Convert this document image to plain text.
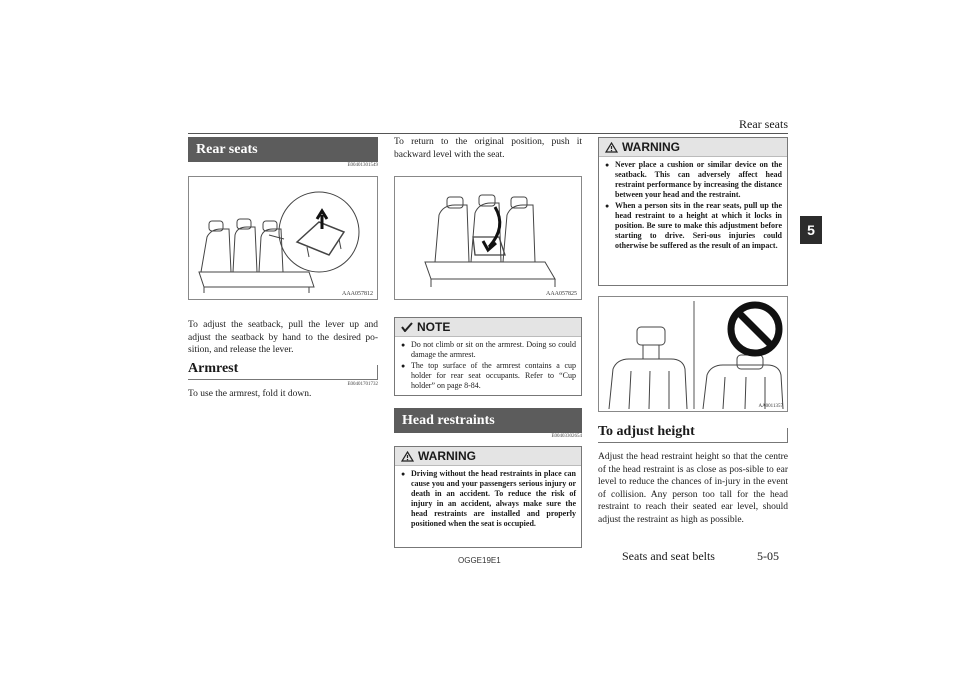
Rear seats
5
Rear seats
E00401301549
AAA057812
To adjust the seatback, pull the lever up and adjust the seatback by hand to the desired po-sition, and release the lever.
Armrest
E00401701732
To use the armrest, fold it down.
To return to the original position, push it backward level with the seat.
AAA057825
NOTE
● Do not climb or sit on the armrest. Doing so could damage the armrest.
● The top surface of the armrest contains a cup holder for rear seat occupants. Refer to “Cup holder” on page 8-84.
Head restraints
E00403302654
WARNING
● Driving without the head restraints in place can cause you and your passengers serious injury or death in an accident. To reduce the risk of injury in an accident, always make sure the head restraints are installed and properly positioned when the seat is occupied.
OGGE19E1
WARNING
● Never place a cushion or similar device on the seatback. This can adversely affect head restraint performance by increasing the distance between your head and the restraint.
● When a person sits in the rear seats, pull up the head restraint to a height at which it locks in position. Be sure to make this adjustment before starting to drive. Seri-ous injuries could otherwise be suffered as the result of an impact.
AA0011357
To adjust height
Adjust the head restraint height so that the centre of the head restraint is as close as pos-sible to ear level to reduce the chances of in-jury in the event of collision. Any person too tall for the head restraint to reach their seated ear level, should adjust the restraint as high as possible.
Seats and seat belts	5-05
